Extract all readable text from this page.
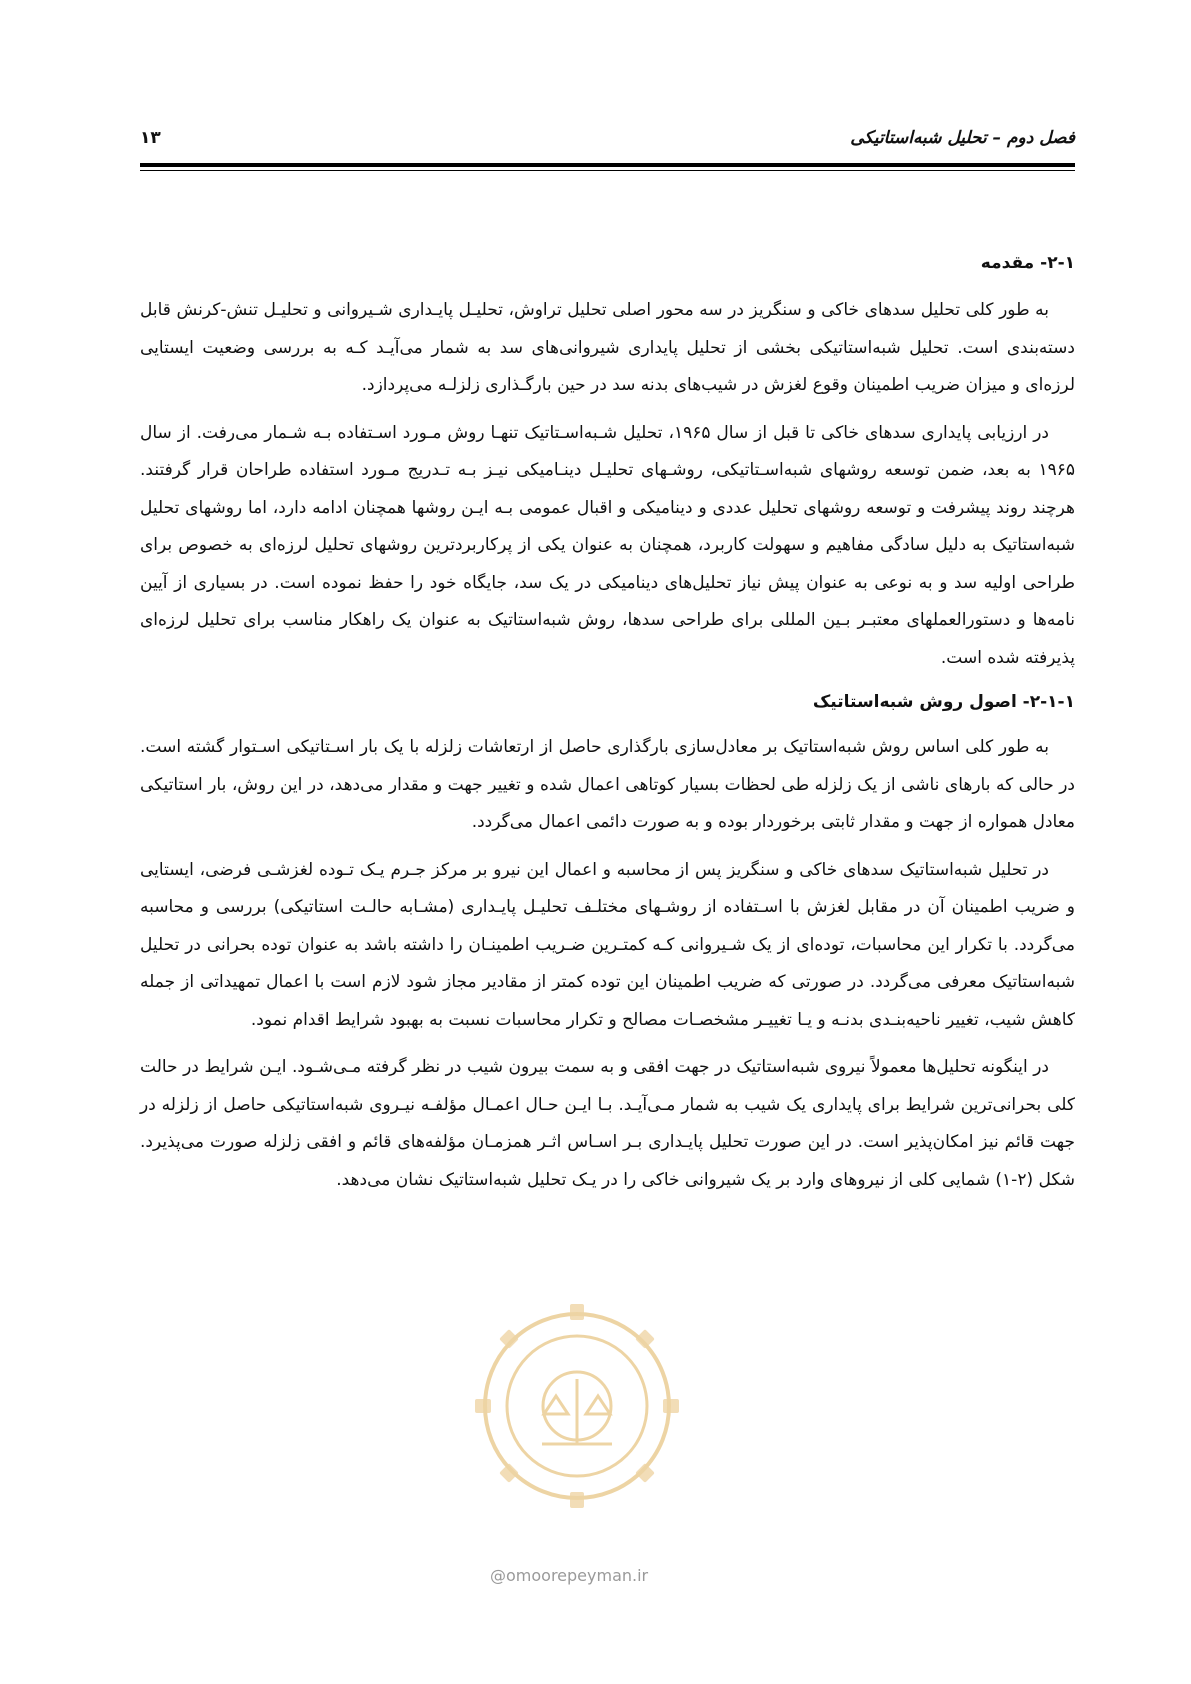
فصل دوم – تحلیل شبه‌استاتیکی
۱۳
۲-۱- مقدمه

به طور کلی تحلیل سدهای خاکی و سنگریز در سه محور اصلی تحلیل تراوش، تحلیـل پایـداری شـیروانی و تحلیـل تنش-کرنش قابل دسته‌بندی است. تحلیل شبه‌استاتیکی بخشی از تحلیل پایداری شیروانی‌های سد به شمار می‌آیـد کـه به بررسی وضعیت ایستایی لرزه‌ای و میزان ضریب اطمینان وقوع لغزش در شیب‌های بدنه سد در حین بارگـذاری زلزلـه می‌پردازد.

در ارزیابی پایداری سدهای خاکی تا قبل از سال ۱۹۶۵، تحلیل شـبه‌اسـتاتیک تنهـا روش مـورد اسـتفاده بـه شـمار می‌رفت. از سال ۱۹۶۵ به بعد، ضمن توسعه روشهای شبه‌اسـتاتیکی، روشـهای تحلیـل دینـامیکی نیـز بـه تـدریج مـورد استفاده طراحان قرار گرفتند. هرچند روند پیشرفت و توسعه روشهای تحلیل عددی و دینامیکی و اقبال عمومی بـه ایـن روشها همچنان ادامه دارد، اما روشهای تحلیل شبه‌استاتیک به دلیل سادگی مفاهیم و سهولت کاربرد، همچنان به عنوان یکی از پرکاربردترین روشهای تحلیل لرزه‌ای به خصوص برای طراحی اولیه سد و به نوعی به عنوان پیش نیاز تحلیل‌های دینامیکی در یک سد، جایگاه خود را حفظ نموده است. در بسیاری از آیین نامه‌ها و دستورالعملهای معتبـر بـین المللی برای طراحی سدها، روش شبه‌استاتیک به عنوان یک راهکار مناسب برای تحلیل لرزه‌ای پذیرفته شده است.

۲-۱-۱- اصول روش شبه‌استاتیک

به طور کلی اساس روش شبه‌استاتیک بر معادل‌سازی بارگذاری حاصل از ارتعاشات زلزله با یک بار اسـتاتیکی اسـتوار گشته است. در حالی که بارهای ناشی از یک زلزله طی لحظات بسیار کوتاهی اعمال شده و تغییر جهت و مقدار می‌دهد، در این روش، بار استاتیکی معادل همواره از جهت و مقدار ثابتی برخوردار بوده و به صورت دائمی اعمال می‌گردد.

در تحلیل شبه‌استاتیک سدهای خاکی و سنگریز پس از محاسبه و اعمال این نیرو بر مرکز جـرم یـک تـوده لغزشـی فرضی، ایستایی و ضریب اطمینان آن در مقابل لغزش با اسـتفاده از روشـهای مختلـف تحلیـل پایـداری (مشـابه حالـت استاتیکی) بررسی و محاسبه می‌گردد. با تکرار این محاسبات، توده‌ای از یک شـیروانی کـه کمتـرین ضـریب اطمینـان را داشته باشد به عنوان توده بحرانی در تحلیل شبه‌استاتیک معرفی می‌گردد. در صورتی که ضریب اطمینان این توده کمتر از مقادیر مجاز شود لازم است با اعمال تمهیداتی از جمله کاهش شیب، تغییر ناحیه‌بنـدی بدنـه و یـا تغییـر مشخصـات مصالح و تکرار محاسبات نسبت به بهبود شرایط اقدام نمود.

در اینگونه تحلیل‌ها معمولاً نیروی شبه‌استاتیک در جهت افقی و به سمت بیرون شیب در نظر گرفته مـی‌شـود. ایـن شرایط در حالت کلی بحرانی‌ترین شرایط برای پایداری یک شیب به شمار مـی‌آیـد. بـا ایـن حـال اعمـال مؤلفـه نیـروی شبه‌استاتیکی حاصل از زلزله در جهت قائم نیز امکان‌پذیر است. در این صورت تحلیل پایـداری بـر اسـاس اثـر همزمـان مؤلفه‌های قائم و افقی زلزله صورت می‌پذیرد. شکل (۲-۱) شمایی کلی از نیروهای وارد بر یک شیروانی خاکی را در یـک تحلیل شبه‌استاتیک نشان می‌دهد.

@omoorepeyman.ir
